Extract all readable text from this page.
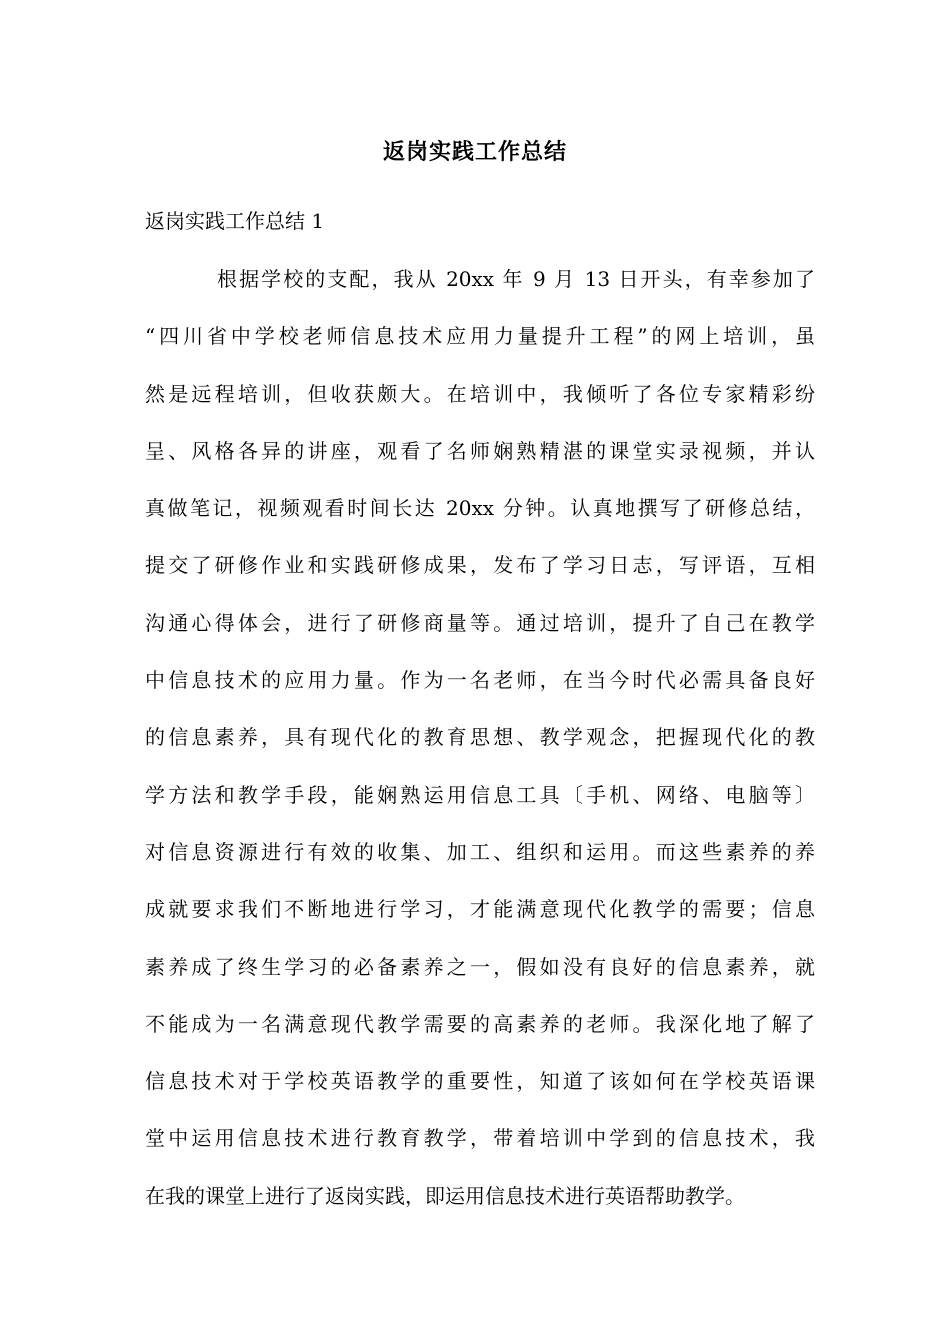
返岗实践工作总结
返岗实践工作总结 1
根据学校的支配，我从 20xx 年 9 月 13 日开头，有幸参加了
“四川省中学校老师信息技术应用力量提升工程”的网上培训，虽
然是远程培训，但收获颇大。在培训中，我倾听了各位专家精彩纷
呈、风格各异的讲座，观看了名师娴熟精湛的课堂实录视频，并认
真做笔记，视频观看时间长达 20xx 分钟。认真地撰写了研修总结，
提交了研修作业和实践研修成果，发布了学习日志，写评语，互相
沟通心得体会，进行了研修商量等。通过培训，提升了自己在教学
中信息技术的应用力量。作为一名老师，在当今时代必需具备良好
的信息素养，具有现代化的教育思想、教学观念，把握现代化的教
学方法和教学手段，能娴熟运用信息工具〔手机、网络、电脑等〕
对信息资源进行有效的收集、加工、组织和运用。而这些素养的养
成就要求我们不断地进行学习，才能满意现代化教学的需要；信息
素养成了终生学习的必备素养之一，假如没有良好的信息素养，就
不能成为一名满意现代教学需要的高素养的老师。我深化地了解了
信息技术对于学校英语教学的重要性，知道了该如何在学校英语课
堂中运用信息技术进行教育教学，带着培训中学到的信息技术，我
在我的课堂上进行了返岗实践，即运用信息技术进行英语帮助教学。
